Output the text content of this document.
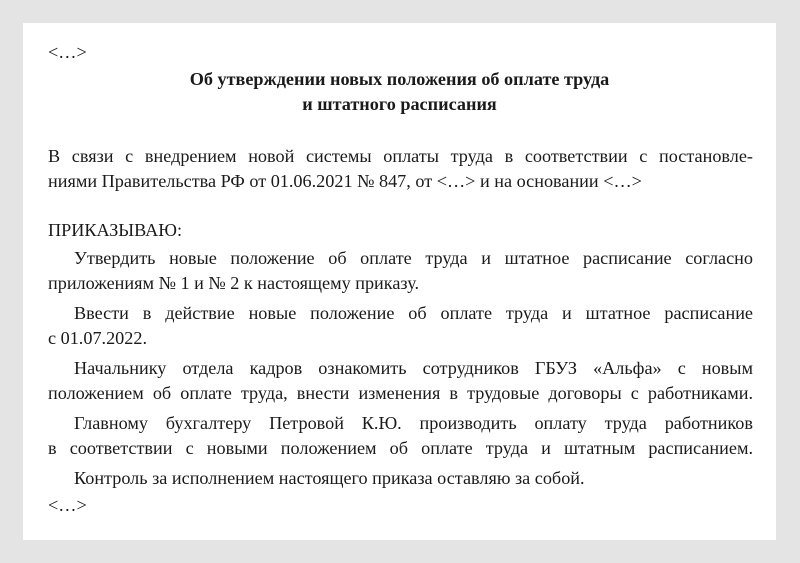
<…>
Об утверждении новых положения об оплате труда
и штатного расписания
В связи с внедрением новой системы оплаты труда в соответствии с постановле-
ниями Правительства РФ от 01.06.2021 № 847, от <…> и на основании <…>
ПРИКАЗЫВАЮ:
Утвердить новые положение об оплате труда и штатное расписание согласно
приложениям № 1 и № 2 к настоящему приказу.
Ввести в действие новые положение об оплате труда и штатное расписание
с 01.07.2022.
Начальнику отдела кадров ознакомить сотрудников ГБУЗ «Альфа» с новым
положением об оплате труда, внести изменения в трудовые договоры с работниками.
Главному бухгалтеру Петровой К.Ю. производить оплату труда работников
в соответствии с новыми положением об оплате труда и штатным расписанием.
Контроль за исполнением настоящего приказа оставляю за собой.
<…>
